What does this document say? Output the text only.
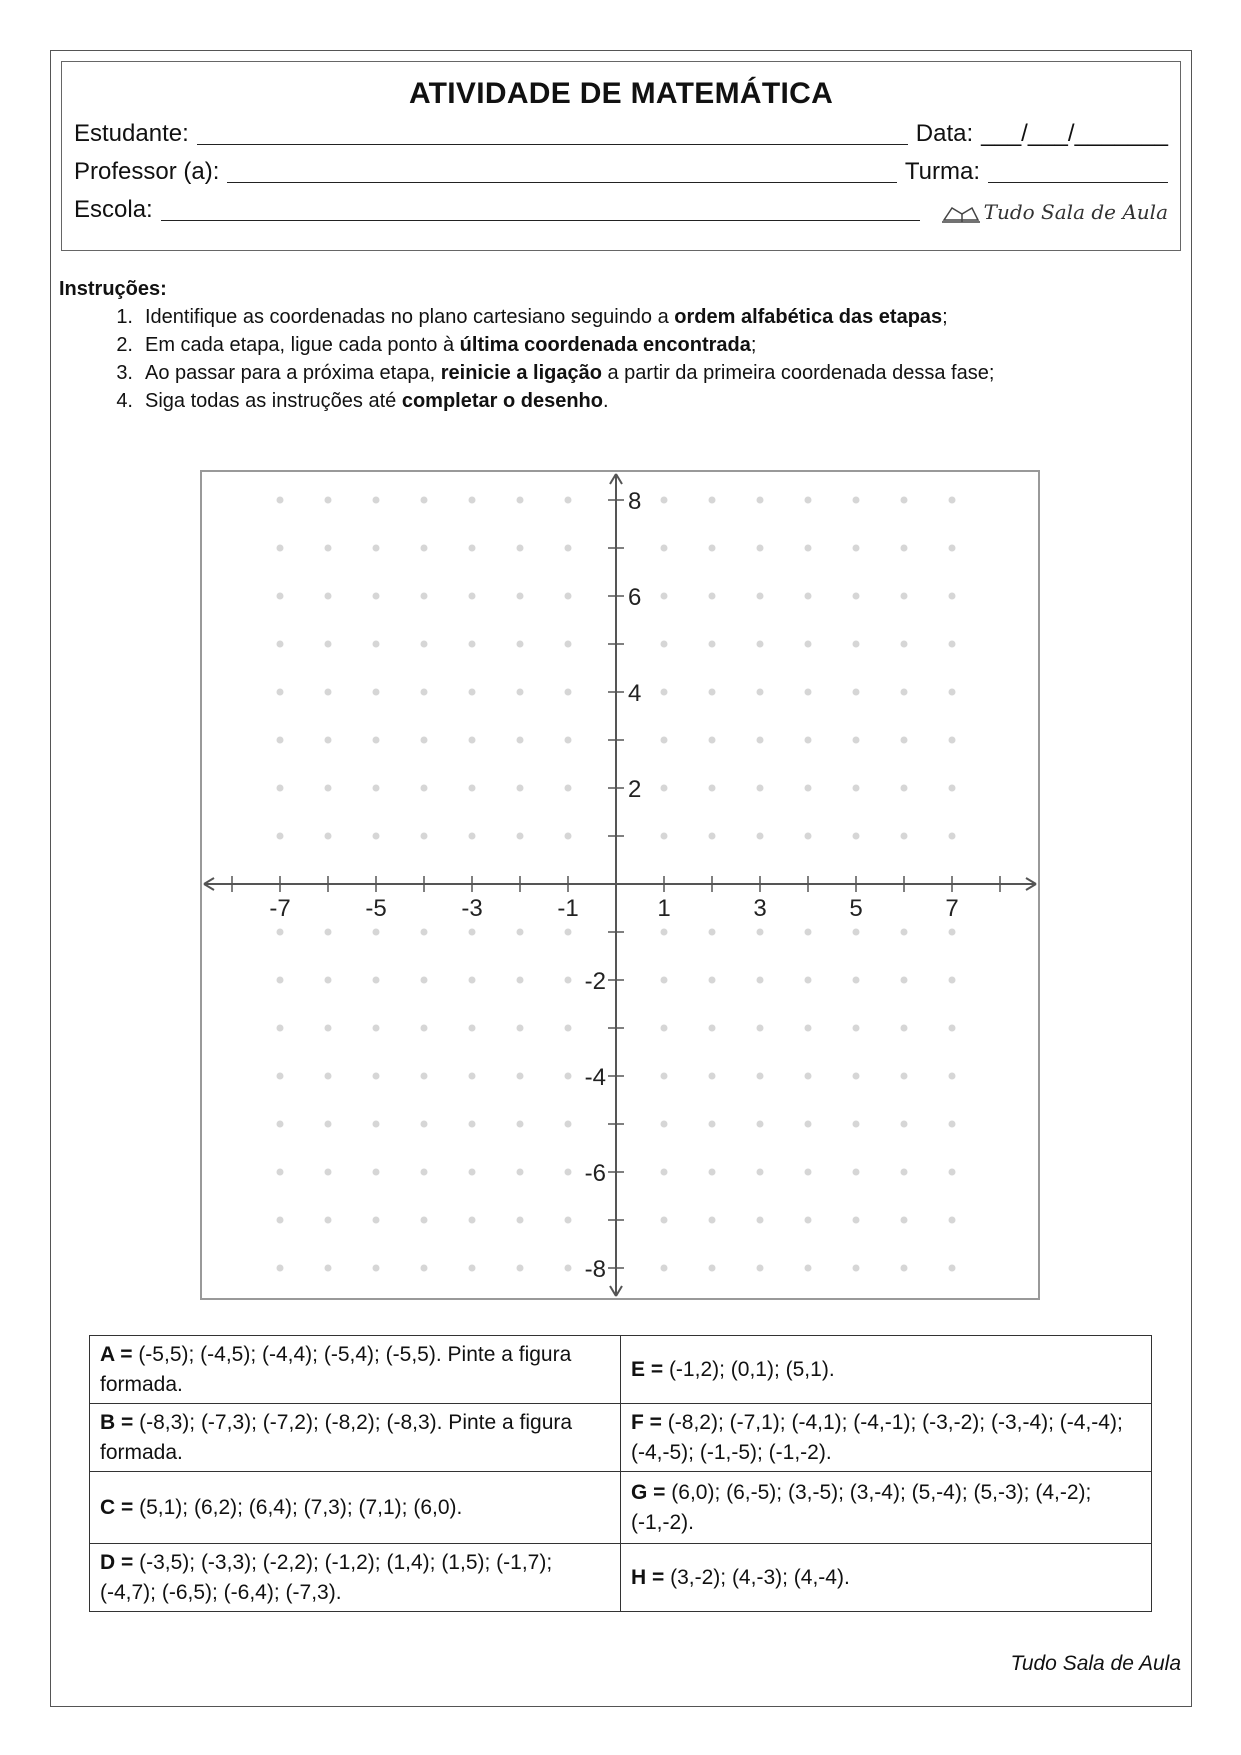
ATIVIDADE DE MATEMÁTICA
Estudante:	Data: ___/___/_______
Professor (a):	Turma:
Escola:	Tudo Sala de Aula
Instruções:
1. Identifique as coordenadas no plano cartesiano seguindo a ordem alfabética das etapas;
2. Em cada etapa, ligue cada ponto à última coordenada encontrada;
3. Ao passar para a próxima etapa, reinicie a ligação a partir da primeira coordenada dessa fase;
4. Siga todas as instruções até completar o desenho.
-7	-5	-3	-1	1	3	5	7
8
6
4
2
-2
-4
-6
-8
A = (-5,5); (-4,5); (-4,4); (-5,4); (-5,5). Pinte a figura formada.	E = (-1,2); (0,1); (5,1).
B = (-8,3); (-7,3); (-7,2); (-8,2); (-8,3). Pinte a figura formada.	F = (-8,2); (-7,1); (-4,1); (-4,-1); (-3,-2); (-3,-4); (-4,-4); (-4,-5); (-1,-5); (-1,-2).
C = (5,1); (6,2); (6,4); (7,3); (7,1); (6,0).	G = (6,0); (6,-5); (3,-5); (3,-4); (5,-4); (5,-3); (4,-2); (-1,-2).
D = (-3,5); (-3,3); (-2,2); (-1,2); (1,4); (1,5); (-1,7); (-4,7); (-6,5); (-6,4); (-7,3).	H = (3,-2); (4,-3); (4,-4).
Tudo Sala de Aula
